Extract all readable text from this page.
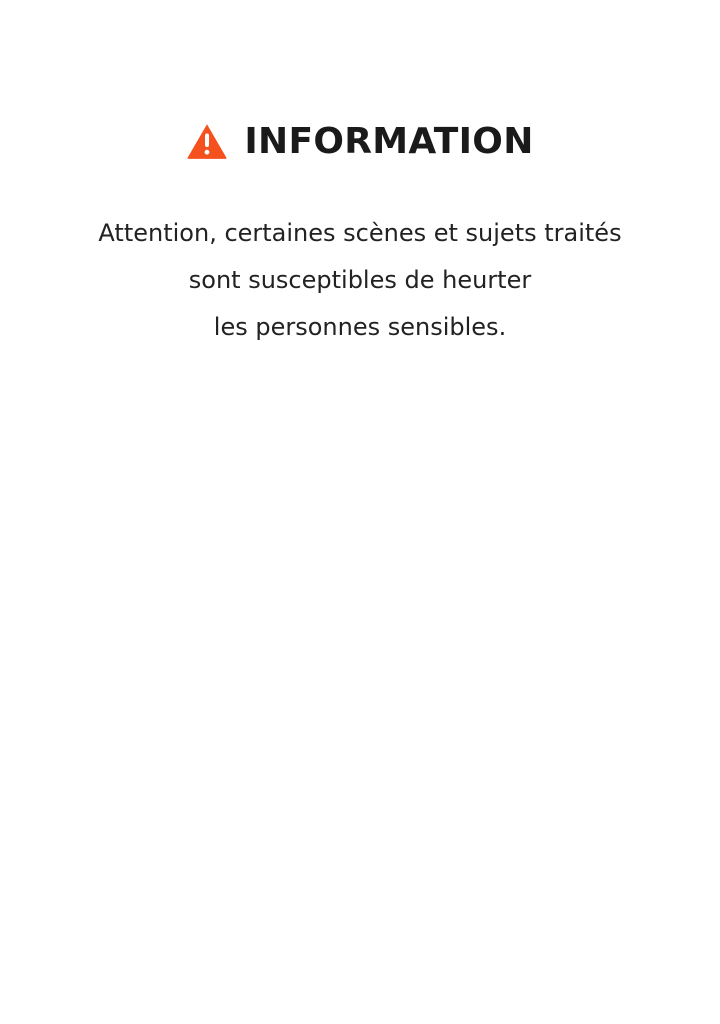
INFORMATION
Attention, certaines scènes et sujets traités
sont susceptibles de heurter
les personnes sensibles.
